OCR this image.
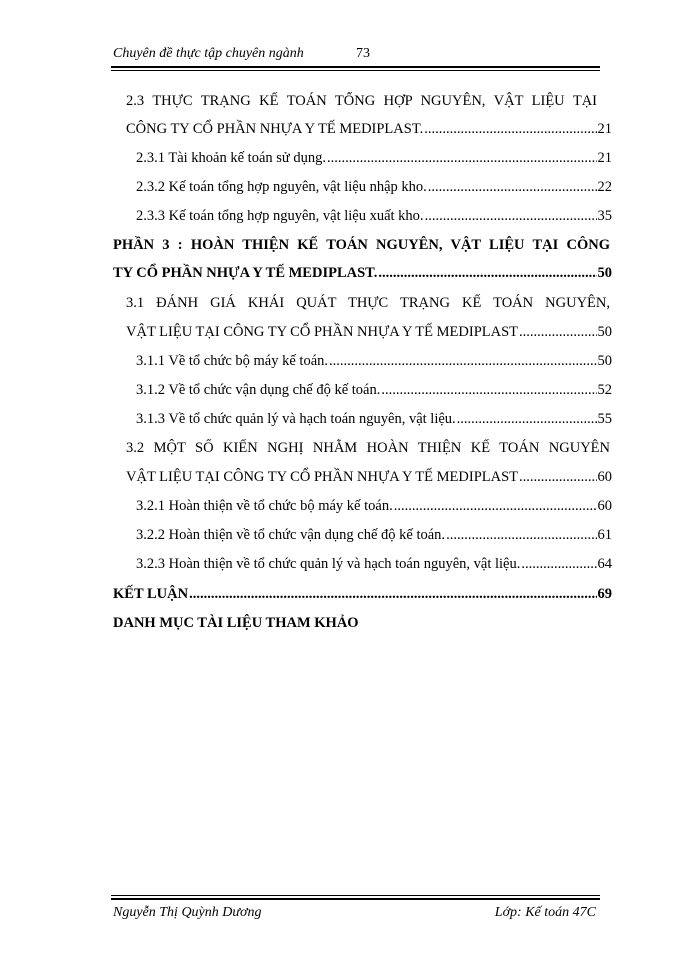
Chuyên đề thực tập chuyên ngành	73
2.3 THỰC TRẠNG KẾ TOÁN TỔNG HỢP NGUYÊN, VẬT LIỆU TẠI
CÔNG TY CỔ PHẦN NHỰA Y TẾ MEDIPLAST. .....	21
2.3.1 Tài khoản kế toán sử dụng. .....	21
2.3.2 Kế toán tổng hợp nguyên, vật liệu nhập kho. .....	22
2.3.3 Kế toán tổng hợp nguyên, vật liệu xuất kho. .....	35
PHẦN 3 : HOÀN THIỆN KẾ TOÁN NGUYÊN, VẬT LIỆU TẠI CÔNG
TY CỔ PHẦN NHỰA Y TẾ MEDIPLAST. .....	50
3.1 ĐÁNH GIÁ KHÁI QUÁT THỰC TRẠNG KẾ TOÁN NGUYÊN,
VẬT LIỆU TẠI CÔNG TY CỔ PHẦN NHỰA Y TẾ MEDIPLAST .....	50
3.1.1 Về tổ chức bộ máy kế toán. .....	50
3.1.2 Về tổ chức vận dụng chế độ kế toán. .....	52
3.1.3 Về tổ chức quản lý và hạch toán nguyên, vật liệu. .....	55
3.2 MỘT SỐ KIẾN NGHỊ NHẰM HOÀN THIỆN KẾ TOÁN NGUYÊN
VẬT LIỆU TẠI CÔNG TY CỔ PHẦN NHỰA Y TẾ MEDIPLAST .....	60
3.2.1 Hoàn thiện về tổ chức bộ máy kế toán. .....	60
3.2.2 Hoàn thiện về tổ chức vận dụng chế độ kế toán. .....	61
3.2.3 Hoàn thiện về tổ chức quản lý và hạch toán nguyên, vật liệu. .....	64
KẾT LUẬN .....	69
DANH MỤC TÀI LIỆU THAM KHẢO
Nguyễn Thị Quỳnh Dương	Lớp: Kế toán 47C
